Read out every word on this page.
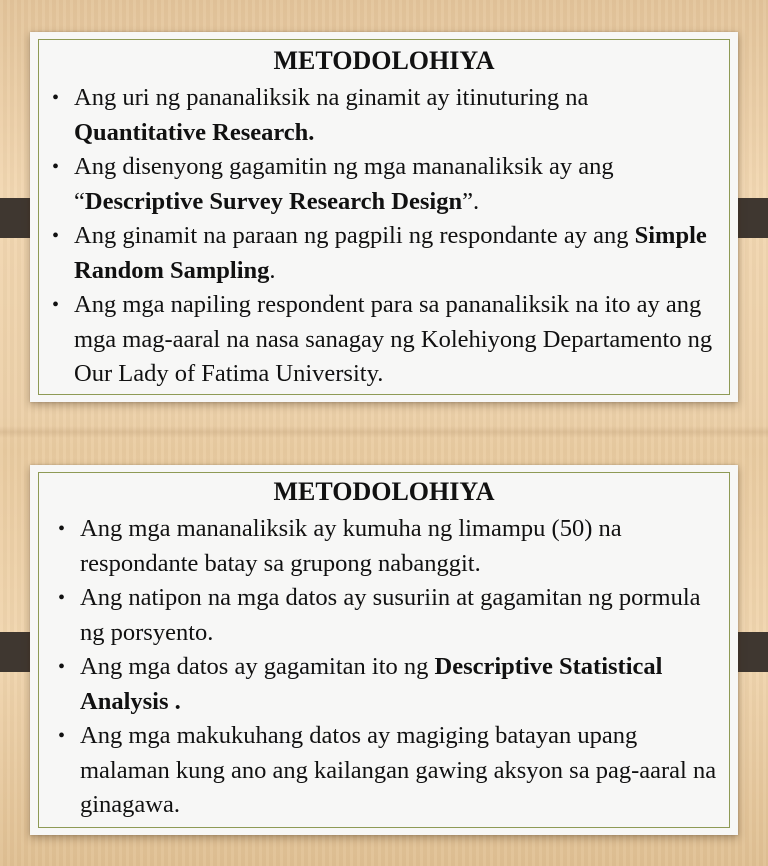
METODOLOHIYA
• Ang uri ng pananaliksik na ginamit ay itinuturing na Quantitative Research.
• Ang disenyong gagamitin ng mga mananaliksik ay ang “Descriptive Survey Research Design”.
• Ang ginamit na paraan ng pagpili ng respondante ay ang Simple Random Sampling.
• Ang mga napiling respondent para sa pananaliksik na ito ay ang mga mag-aaral na nasa sanagay ng Kolehiyong Departamento ng Our Lady of Fatima University.
METODOLOHIYA
• Ang mga mananaliksik ay kumuha ng limampu (50) na respondante batay sa grupong nabanggit.
• Ang natipon na mga datos ay susuriin at gagamitan ng pormula ng porsyento.
• Ang mga datos ay gagamitan ito ng Descriptive Statistical Analysis .
• Ang mga makukuhang datos ay magiging batayan upang malaman kung ano ang kailangan gawing aksyon sa pag-aaral na ginagawa.
